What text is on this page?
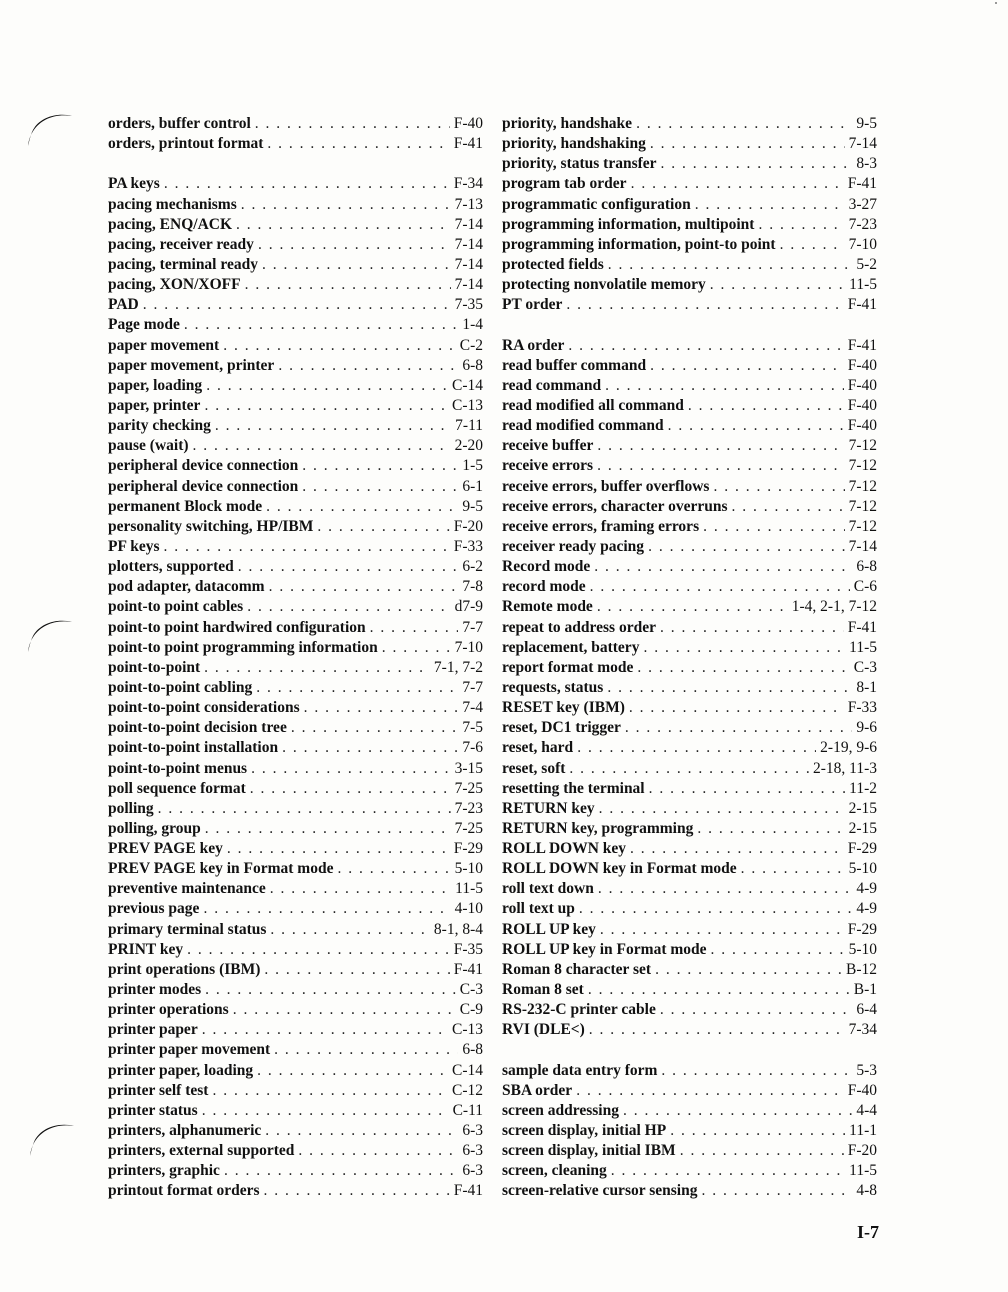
orders, buffer control . . .	F-40
orders, printout format . . .	F-41
PA keys . . .	F-34
pacing mechanisms . . .	7-13
pacing, ENQ/ACK . . .	7-14
pacing, receiver ready . . .	7-14
pacing, terminal ready . . .	7-14
pacing, XON/XOFF . . .	7-14
PAD . . .	7-35
Page mode . . .	1-4
paper movement . . .	C-2
paper movement, printer . . .	6-8
paper, loading . . .	C-14
paper, printer . . .	C-13
parity checking . . .	7-11
pause (wait) . . .	2-20
peripheral device connection . . .	1-5
peripheral device connection . . .	6-1
permanent Block mode . . .	9-5
personality switching, HP/IBM . . .	F-20
PF keys . . .	F-33
plotters, supported . . .	6-2
pod adapter, datacomm . . .	7-8
point-to point cables . . .	d7-9
point-to point hardwired configuration . . .	7-7
point-to point programming information . . .	7-10
point-to-point . . .	7-1, 7-2
point-to-point cabling . . .	7-7
point-to-point considerations . . .	7-4
point-to-point decision tree . . .	7-5
point-to-point installation . . .	7-6
point-to-point menus . . .	3-15
poll sequence format . . .	7-25
polling . . .	7-23
polling, group . . .	7-25
PREV PAGE key . . .	F-29
PREV PAGE key in Format mode . . .	5-10
preventive maintenance . . .	11-5
previous page . . .	4-10
primary terminal status . . .	8-1, 8-4
PRINT key . . .	F-35
print operations (IBM) . . .	F-41
printer modes . . .	C-3
printer operations . . .	C-9
printer paper . . .	C-13
printer paper movement . . .	6-8
printer paper, loading . . .	C-14
printer self test . . .	C-12
printer status . . .	C-11
printers, alphanumeric . . .	6-3
printers, external supported . . .	6-3
printers, graphic . . .	6-3
printout format orders . . .	F-41
priority, handshake . . .	9-5
priority, handshaking . . .	7-14
priority, status transfer . . .	8-3
program tab order . . .	F-41
programmatic configuration . . .	3-27
programming information, multipoint . . .	7-23
programming information, point-to point . . .	7-10
protected fields . . .	5-2
protecting nonvolatile memory . . .	11-5
PT order . . .	F-41
RA order . . .	F-41
read buffer command . . .	F-40
read command . . .	F-40
read modified all command . . .	F-40
read modified command . . .	F-40
receive buffer . . .	7-12
receive errors . . .	7-12
receive errors, buffer overflows . . .	7-12
receive errors, character overruns . . .	7-12
receive errors, framing errors . . .	7-12
receiver ready pacing . . .	7-14
Record mode . . .	6-8
record mode . . .	C-6
Remote mode . . .	1-4, 2-1, 7-12
repeat to address order . . .	F-41
replacement, battery . . .	11-5
report format mode . . .	C-3
requests, status . . .	8-1
RESET key (IBM) . . .	F-33
reset, DC1 trigger . . .	9-6
reset, hard . . .	2-19, 9-6
reset, soft . . .	2-18, 11-3
resetting the terminal . . .	11-2
RETURN key . . .	2-15
RETURN key, programming . . .	2-15
ROLL DOWN key . . .	F-29
ROLL DOWN key in Format mode . . .	5-10
roll text down . . .	4-9
roll text up . . .	4-9
ROLL UP key . . .	F-29
ROLL UP key in Format mode . . .	5-10
Roman 8 character set . . .	B-12
Roman 8 set . . .	B-1
RS-232-C printer cable . . .	6-4
RVI (DLE<) . . .	7-34
sample data entry form . . .	5-3
SBA order . . .	F-40
screen addressing . . .	4-4
screen display, initial HP . . .	11-1
screen display, initial IBM . . .	F-20
screen, cleaning . . .	11-5
screen-relative cursor sensing . . .	4-8
I-7
